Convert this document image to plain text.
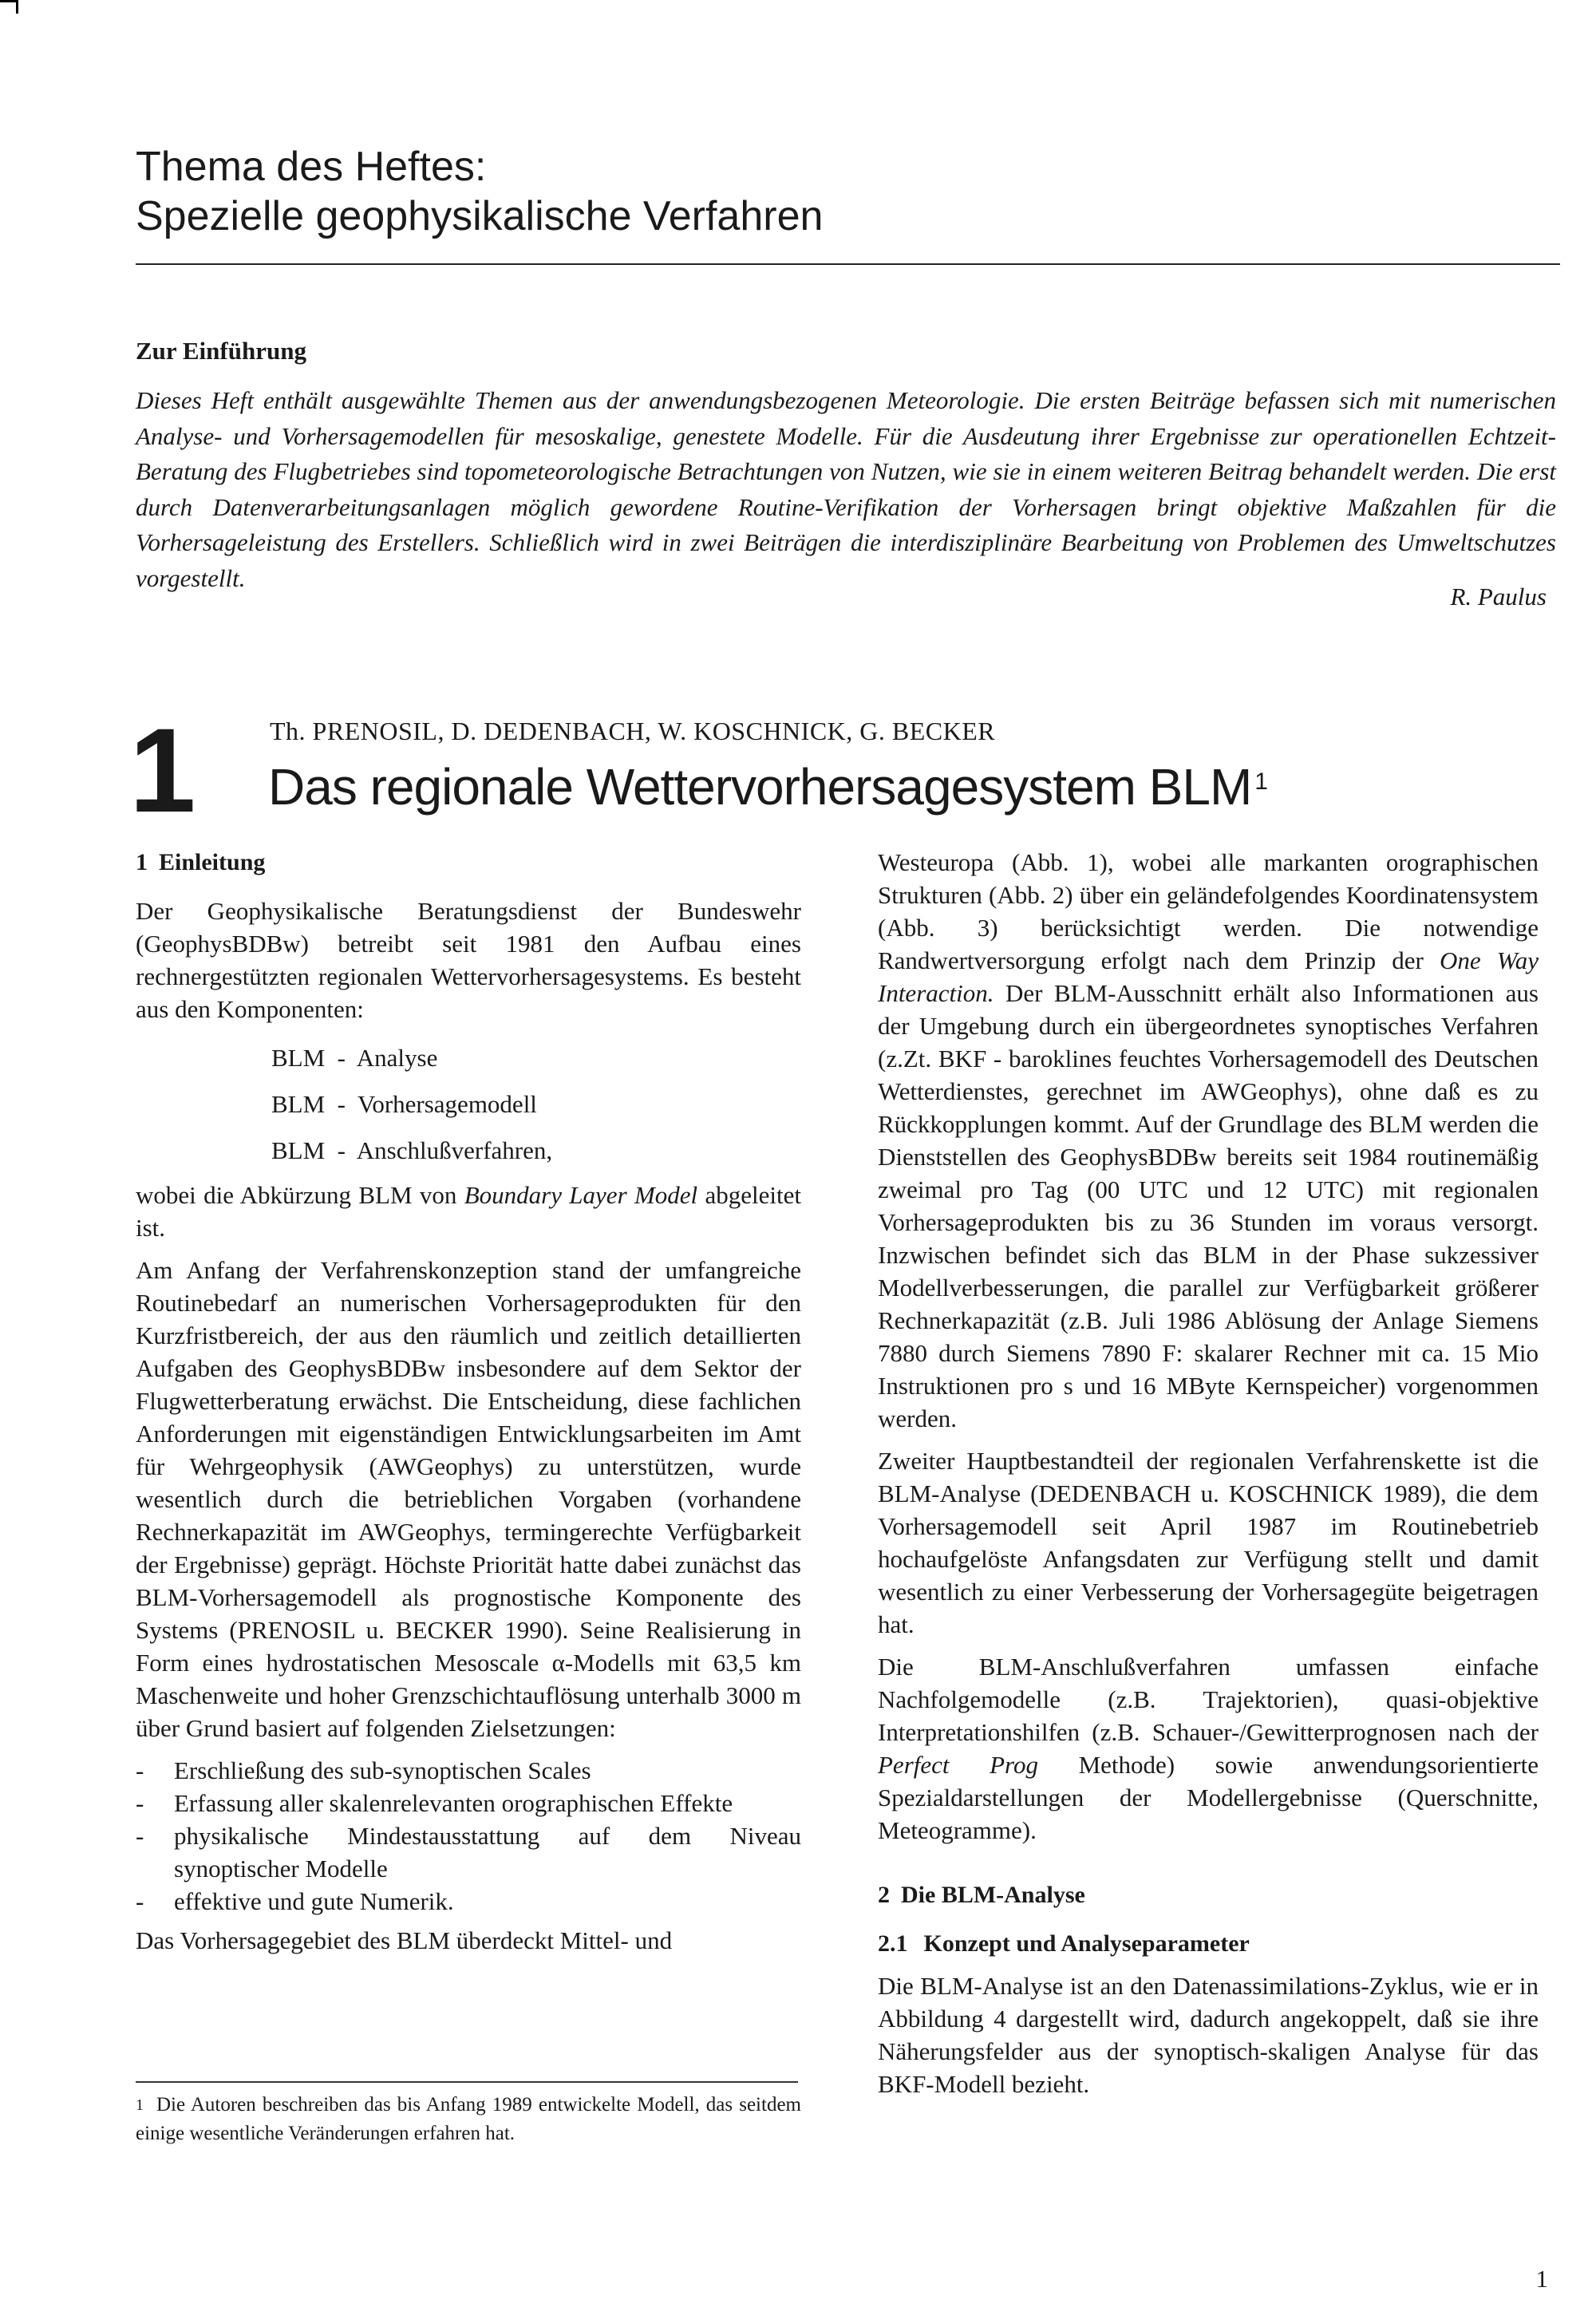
Thema des Heftes:
Spezielle geophysikalische Verfahren
Zur Einführung
Dieses Heft enthält ausgewählte Themen aus der anwendungsbezogenen Meteorologie. Die ersten Beiträge befassen sich mit numerischen Analyse- und Vorhersagemodellen für mesoskalige, genestete Modelle. Für die Ausdeutung ihrer Ergebnisse zur operationellen Echtzeit-Beratung des Flugbetriebes sind topometeorologische Betrachtungen von Nutzen, wie sie in einem weiteren Beitrag behandelt werden. Die erst durch Datenverarbeitungsanlagen möglich gewordene Routine-Verifikation der Vorhersagen bringt objektive Maßzahlen für die Vorhersageleistung des Erstellers. Schließlich wird in zwei Beiträgen die interdisziplinäre Bearbeitung von Problemen des Umweltschutzes vorgestellt.
R. Paulus
1	Th. PRENOSIL, D. DEDENBACH, W. KOSCHNICK, G. BECKER
Das regionale Wettervorhersagesystem BLM $^1$
1 Einleitung

Der Geophysikalische Beratungsdienst der Bundeswehr (GeophysBDBw) betreibt seit 1981 den Aufbau eines rechnergestützten regionalen Wettervorhersagesystems. Es besteht aus den Komponenten:

BLM  -  Analyse
BLM  -  Vorhersagemodell
BLM  -  Anschlußverfahren,

wobei die Abkürzung BLM von Boundary Layer Model abgeleitet ist.

Am Anfang der Verfahrenskonzeption stand der umfangreiche Routinebedarf an numerischen Vorhersageprodukten für den Kurzfristbereich, der aus den räumlich und zeitlich detaillierten Aufgaben des GeophysBDBw insbesondere auf dem Sektor der Flugwetterberatung erwächst. Die Entscheidung, diese fachlichen Anforderungen mit eigenständigen Entwicklungsarbeiten im Amt für Wehrgeophysik (AWGeophys) zu unterstützen, wurde wesentlich durch die betrieblichen Vorgaben (vorhandene Rechnerkapazität im AWGeophys, termingerechte Verfügbarkeit der Ergebnisse) geprägt. Höchste Priorität hatte dabei zunächst das BLM-Vorhersagemodell als prognostische Komponente des Systems (PRENOSIL u. BECKER 1990). Seine Realisierung in Form eines hydrostatischen Mesoscale α-Modells mit 63,5 km Maschenweite und hoher Grenzschichtauflösung unterhalb 3000 m über Grund basiert auf folgenden Zielsetzungen:

- Erschließung des sub-synoptischen Scales
- Erfassung aller skalenrelevanten orographischen Effekte
- physikalische Mindestausstattung auf dem Niveau synoptischer Modelle
- effektive und gute Numerik.

Das Vorhersagegebiet des BLM überdeckt Mittel- und

$^1$ Die Autoren beschreiben das bis Anfang 1989 entwickelte Modell, das seitdem einige wesentliche Veränderungen erfahren hat.

Westeuropa (Abb. 1), wobei alle markanten orographischen Strukturen (Abb. 2) über ein geländefolgendes Koordinatensystem (Abb. 3) berücksichtigt werden. Die notwendige Randwertversorgung erfolgt nach dem Prinzip der One Way Interaction. Der BLM-Ausschnitt erhält also Informationen aus der Umgebung durch ein übergeordnetes synoptisches Verfahren (z.Zt. BKF - baroklines feuchtes Vorhersagemodell des Deutschen Wetterdienstes, gerechnet im AWGeophys), ohne daß es zu Rückkopplungen kommt. Auf der Grundlage des BLM werden die Dienststellen des GeophysBDBw bereits seit 1984 routinemäßig zweimal pro Tag (00 UTC und 12 UTC) mit regionalen Vorhersageprodukten bis zu 36 Stunden im voraus versorgt. Inzwischen befindet sich das BLM in der Phase sukzessiver Modellverbesserungen, die parallel zur Verfügbarkeit größerer Rechnerkapazität (z.B. Juli 1986 Ablösung der Anlage Siemens 7880 durch Siemens 7890 F: skalarer Rechner mit ca. 15 Mio Instruktionen pro s und 16 MByte Kernspeicher) vorgenommen werden.

Zweiter Hauptbestandteil der regionalen Verfahrenskette ist die BLM-Analyse (DEDENBACH u. KOSCHNICK 1989), die dem Vorhersagemodell seit April 1987 im Routinebetrieb hochaufgelöste Anfangsdaten zur Verfügung stellt und damit wesentlich zu einer Verbesserung der Vorhersagegüte beigetragen hat.

Die BLM-Anschlußverfahren umfassen einfache Nachfolgemodelle (z.B. Trajektorien), quasi-objektive Interpretationshilfen (z.B. Schauer-/Gewitterprognosen nach der Perfect Prog Methode) sowie anwendungsorientierte Spezialdarstellungen der Modellergebnisse (Querschnitte, Meteogramme).

2 Die BLM-Analyse
2.1 Konzept und Analyseparameter

Die BLM-Analyse ist an den Datenassimilations-Zyklus, wie er in Abbildung 4 dargestellt wird, dadurch angekoppelt, daß sie ihre Näherungsfelder aus der synoptisch-skaligen Analyse für das BKF-Modell bezieht.

1
